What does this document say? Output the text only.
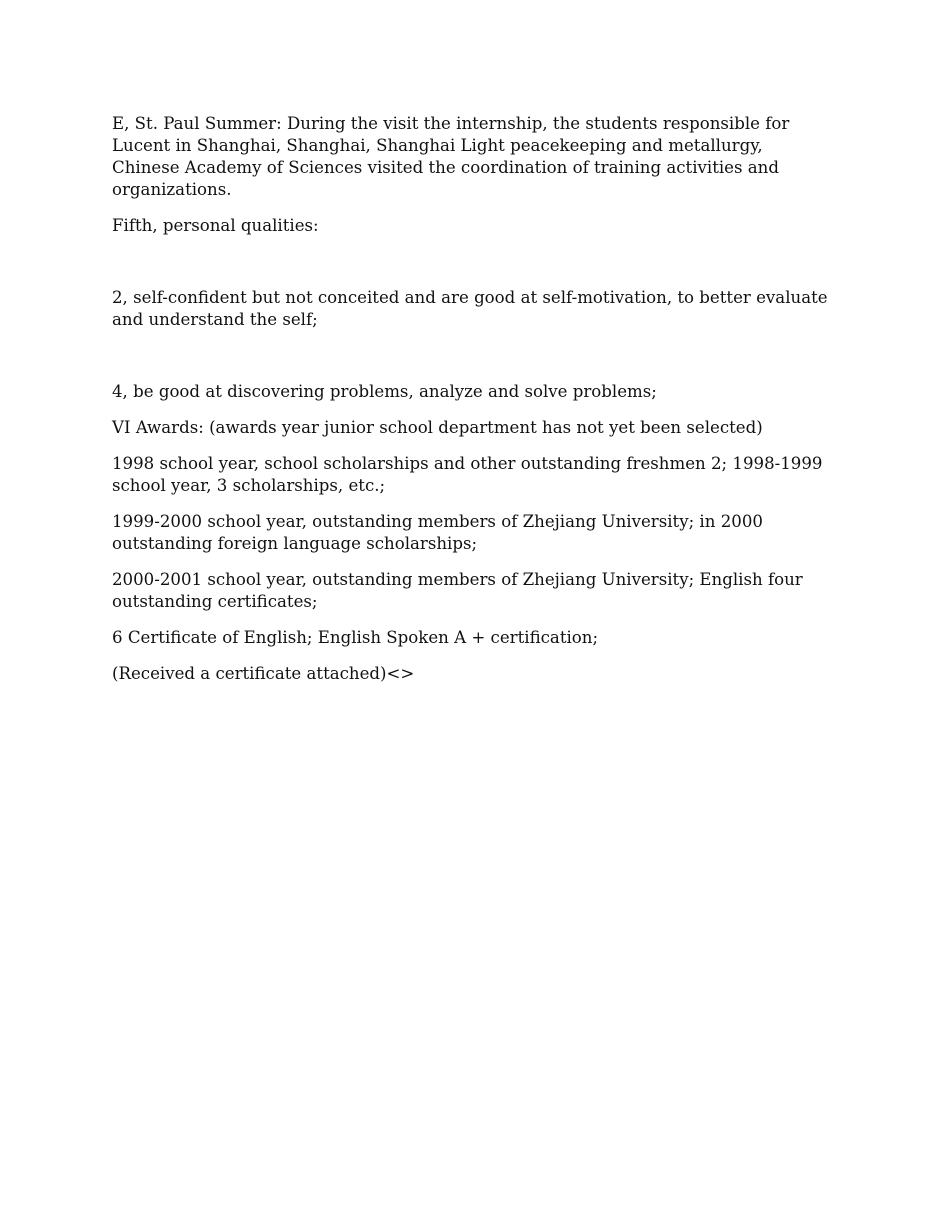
E, St. Paul Summer: During the visit the internship, the students responsible for Lucent in Shanghai, Shanghai, Shanghai Light peacekeeping and metallurgy, Chinese Academy of Sciences visited the coordination of training activities and organizations.

Fifth, personal qualities:

2, self-confident but not conceited and are good at self-motivation, to better evaluate and understand the self;

4, be good at discovering problems, analyze and solve problems;

VI Awards: (awards year junior school department has not yet been selected)

1998 school year, school scholarships and other outstanding freshmen 2; 1998-1999 school year, 3 scholarships, etc.;

1999-2000 school year, outstanding members of Zhejiang University; in 2000 outstanding foreign language scholarships;

2000-2001 school year, outstanding members of Zhejiang University; English four outstanding certificates;

6 Certificate of English; English Spoken A + certification;

(Received a certificate attached)<>
